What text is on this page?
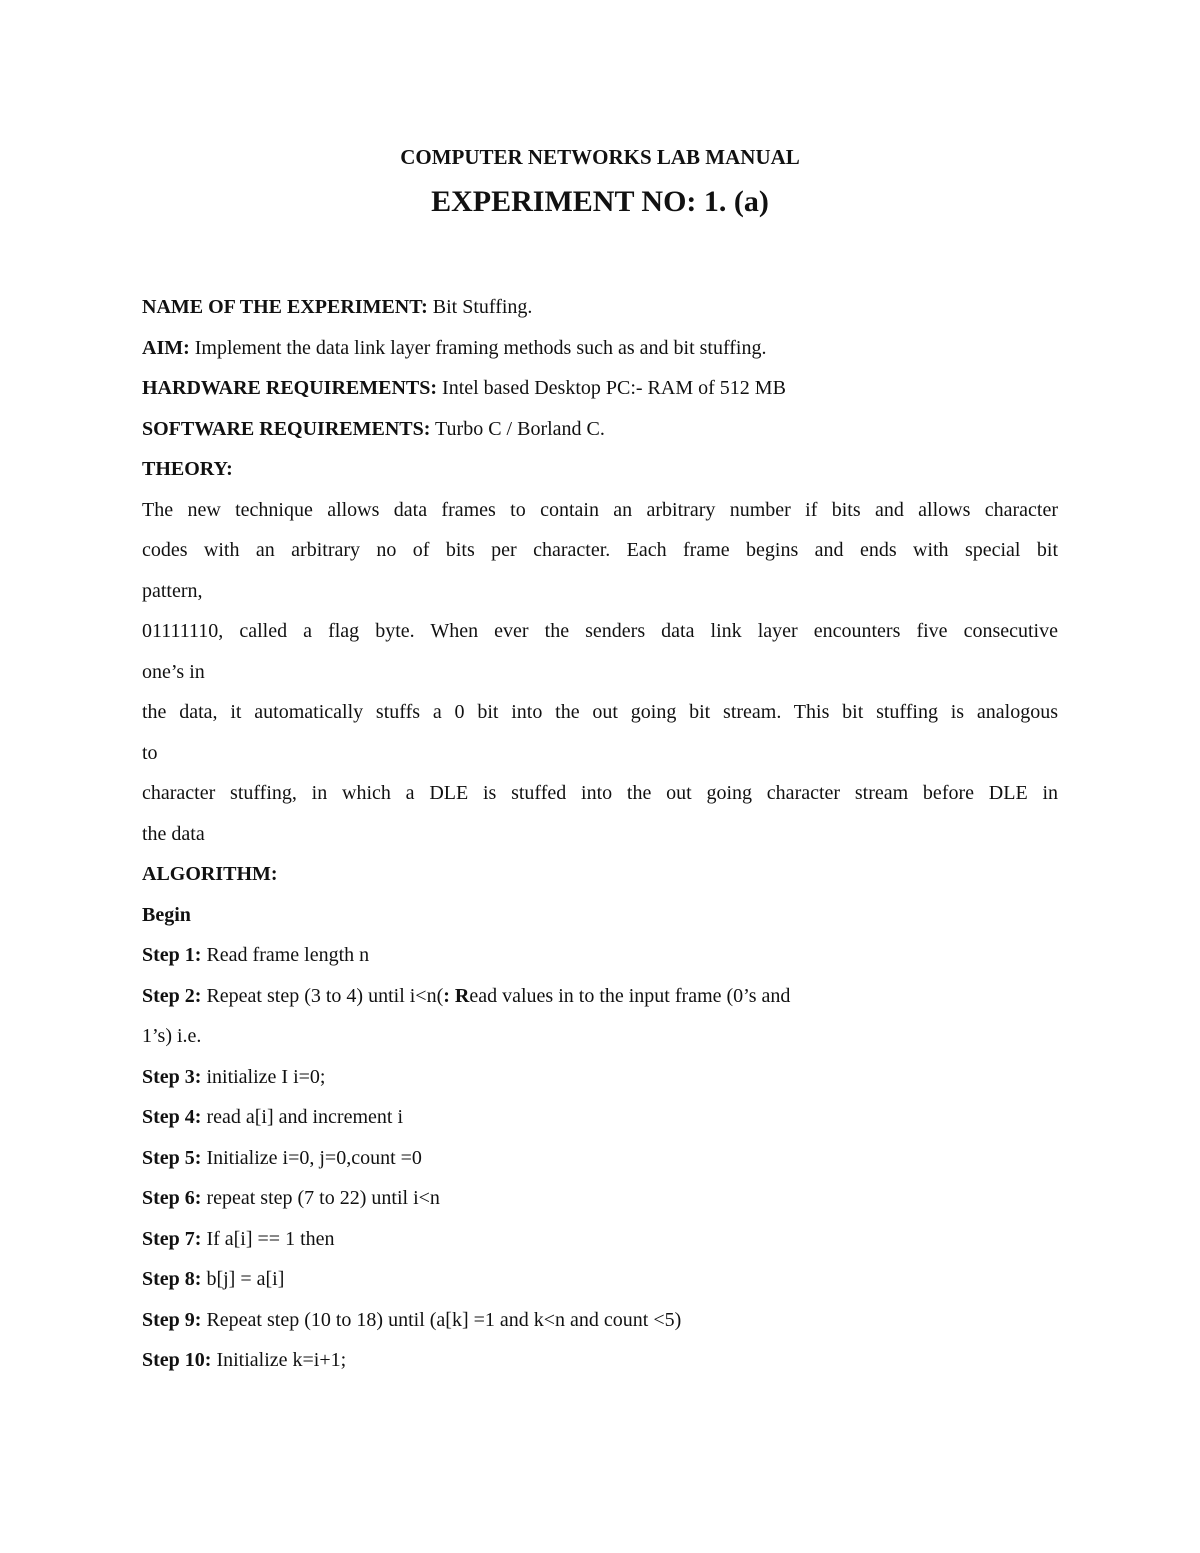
COMPUTER NETWORKS LAB MANUAL
EXPERIMENT NO: 1. (a)
NAME OF THE EXPERIMENT: Bit Stuffing.
AIM: Implement the data link layer framing methods such as and bit stuffing.
HARDWARE REQUIREMENTS: Intel based Desktop PC:- RAM of 512 MB
SOFTWARE REQUIREMENTS: Turbo C / Borland C.
THEORY:
The new technique allows data frames to contain an arbitrary number if bits and allows character
codes with an arbitrary no of bits per character. Each frame begins and ends with special bit
pattern,
01111110, called a flag byte. When ever the senders data link layer encounters five consecutive
one’s in
the data, it automatically stuffs a 0 bit into the out going bit stream. This bit stuffing is analogous
to
character stuffing, in which a DLE is stuffed into the out going character stream before DLE in
the data
ALGORITHM:
Begin
Step 1: Read frame length n
Step 2: Repeat step (3 to 4) until i<n(: Read values in to the input frame (0’s and
1’s) i.e.
Step 3: initialize I i=0;
Step 4: read a[i] and increment i
Step 5: Initialize i=0, j=0,count =0
Step 6: repeat step (7 to 22) until i<n
Step 7: If a[i] == 1 then
Step 8: b[j] = a[i]
Step 9: Repeat step (10 to 18) until (a[k] =1 and k<n and count <5)
Step 10: Initialize k=i+1;
